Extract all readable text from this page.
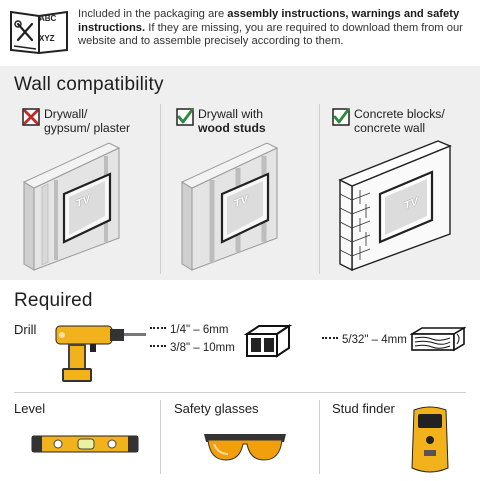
ABC
XYZ
Included in the packaging are assembly instructions, warnings and safety instructions. If they are missing, you are required to download them from our website and to assemble precisely according to them.
Wall compatibility
Drywall/
gypsum/ plaster
Drywall with
wood studs
Concrete blocks/
concrete wall
TV	TV	TV
Required
Drill	1/4" – 6mm
3/8" – 10mm
5/32" – 4mm
Level	Safety glasses	Stud finder
